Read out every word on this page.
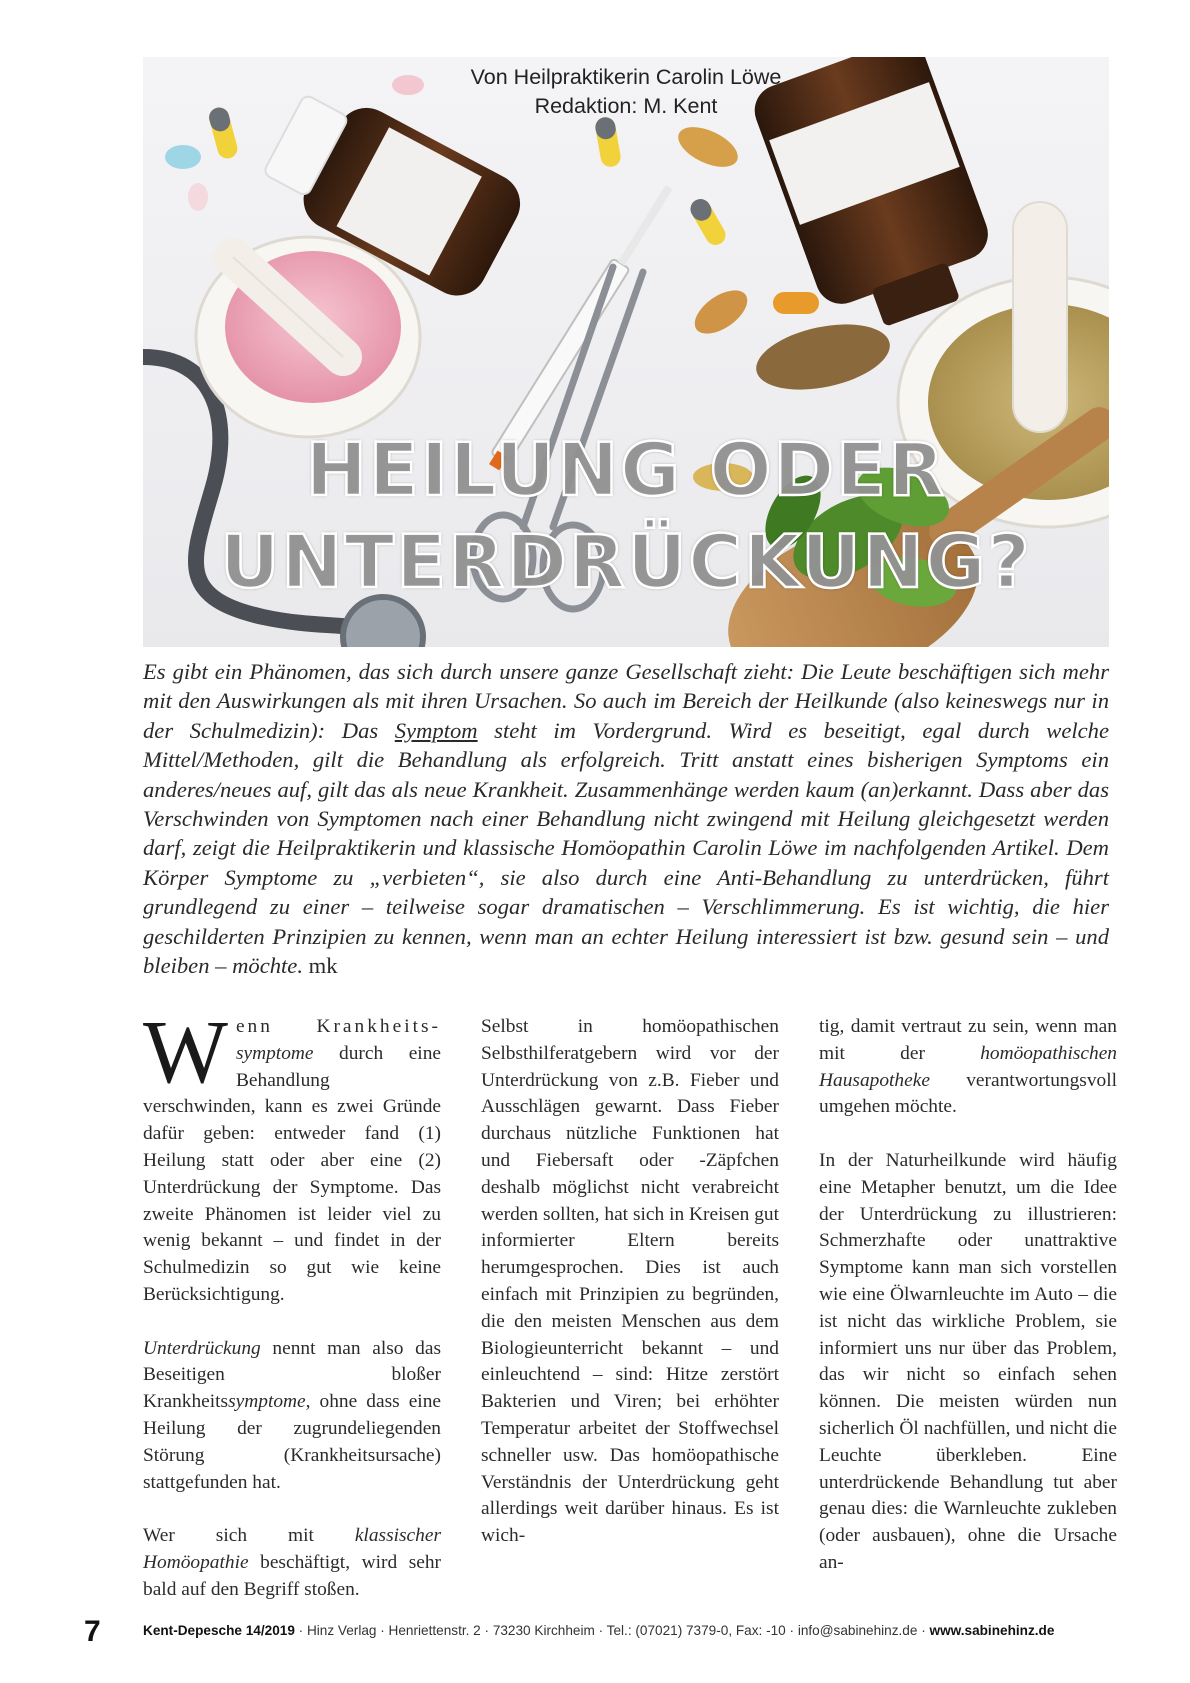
Von Heilpraktikerin Carolin Löwe
Redaktion: M. Kent
HEILUNG ODER
UNTERDRÜCKUNG?

Es gibt ein Phänomen, das sich durch unsere ganze Gesellschaft zieht: Die Leute beschäftigen sich mehr mit den Auswirkungen als mit ihren Ursachen. So auch im Bereich der Heilkunde (also keineswegs nur in der Schulmedizin): Das Symptom steht im Vordergrund. Wird es beseitigt, egal durch welche Mittel/Methoden, gilt die Behandlung als erfolgreich. Tritt anstatt eines bisherigen Symptoms ein anderes/neues auf, gilt das als neue Krankheit. Zusammenhänge werden kaum (an)erkannt. Dass aber das Verschwinden von Symptomen nach einer Behandlung nicht zwingend mit Heilung gleichgesetzt werden darf, zeigt die Heilpraktikerin und klassische Homöopathin Carolin Löwe im nachfolgenden Artikel. Dem Körper Symptome zu „verbieten“, sie also durch eine Anti-Behandlung zu unterdrücken, führt grundlegend zu einer – teilweise sogar dramatischen – Verschlimmerung. Es ist wichtig, die hier geschilderten Prinzipien zu kennen, wenn man an echter Heilung interessiert ist bzw. gesund sein – und bleiben – möchte. mk

Wenn Krankheits- symptome durch eine Behandlung verschwinden, kann es zwei Gründe dafür geben: entweder fand (1) Heilung statt oder aber eine (2) Unterdrückung der Symptome. Das zweite Phänomen ist leider viel zu wenig bekannt – und findet in der Schulmedizin so gut wie keine Berücksichtigung.

Unterdrückung nennt man also das Beseitigen bloßer Krankheitssymptome, ohne dass eine Heilung der zugrundeliegenden Störung (Krankheitsursache) stattgefunden hat.

Wer sich mit klassischer Homöopathie beschäftigt, wird sehr bald auf den Begriff stoßen.

Selbst in homöopathischen Selbsthilferatgebern wird vor der Unterdrückung von z.B. Fieber und Ausschlägen gewarnt. Dass Fieber durchaus nützliche Funktionen hat und Fiebersaft oder -Zäpfchen deshalb möglichst nicht verabreicht werden sollten, hat sich in Kreisen gut informierter Eltern bereits herumgesprochen. Dies ist auch einfach mit Prinzipien zu begründen, die den meisten Menschen aus dem Biologieunterricht bekannt – und einleuchtend – sind: Hitze zerstört Bakterien und Viren; bei erhöhter Temperatur arbeitet der Stoffwechsel schneller usw. Das homöopathische Verständnis der Unterdrückung geht allerdings weit darüber hinaus. Es ist wich-

tig, damit vertraut zu sein, wenn man mit der homöopathischen Hausapotheke verantwortungsvoll umgehen möchte.

In der Naturheilkunde wird häufig eine Metapher benutzt, um die Idee der Unterdrückung zu illustrieren: Schmerzhafte oder unattraktive Symptome kann man sich vorstellen wie eine Ölwarnleuchte im Auto – die ist nicht das wirkliche Problem, sie informiert uns nur über das Problem, das wir nicht so einfach sehen können. Die meisten würden nun sicherlich Öl nachfüllen, und nicht die Leuchte überkleben. Eine unterdrückende Behandlung tut aber genau dies: die Warnleuchte zukleben (oder ausbauen), ohne die Ursache an-

7	Kent-Depesche 14/2019 · Hinz Verlag · Henriettenstr. 2 · 73230 Kirchheim · Tel.: (07021) 7379-0, Fax: -10 · info@sabinehinz.de · www.sabinehinz.de
